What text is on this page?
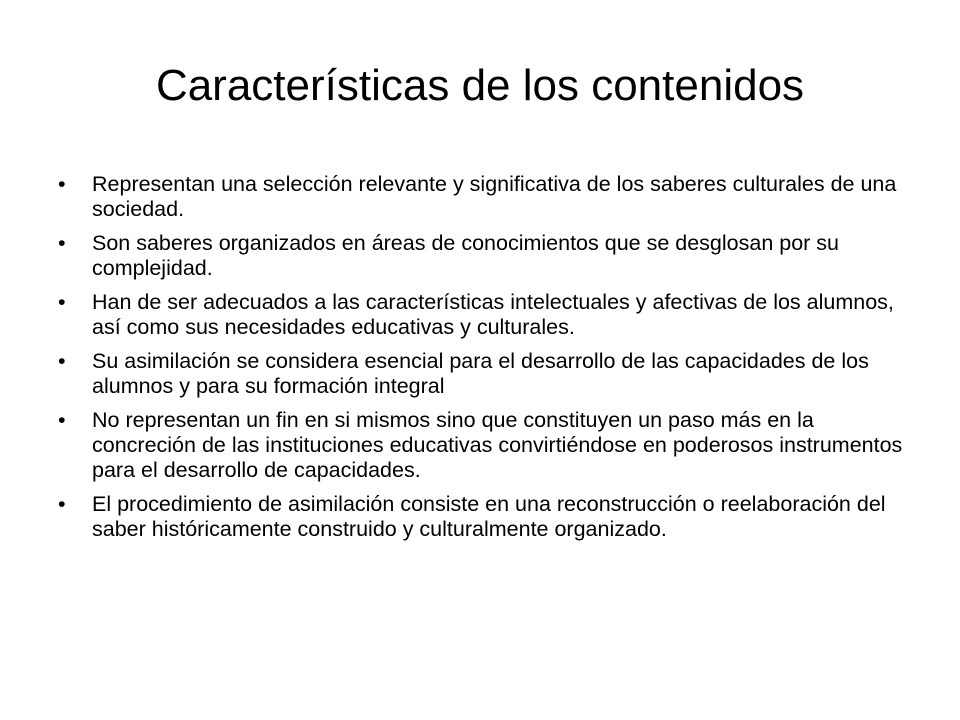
Características de los contenidos
•	Representan una selección relevante y significativa de los saberes culturales de una sociedad.
•	Son saberes organizados en áreas de conocimientos que se desglosan por su complejidad.
•	Han de ser adecuados a las características intelectuales y afectivas de los alumnos, así como sus necesidades educativas y culturales.
•	Su asimilación se considera esencial para el desarrollo de las capacidades de los alumnos y para su formación integral
•	No representan un fin en si mismos sino que constituyen un paso más en la concreción de las instituciones educativas convirtiéndose en poderosos instrumentos para el desarrollo de capacidades.
•	El procedimiento de asimilación consiste en una reconstrucción o reelaboración del saber históricamente construido y culturalmente organizado.
